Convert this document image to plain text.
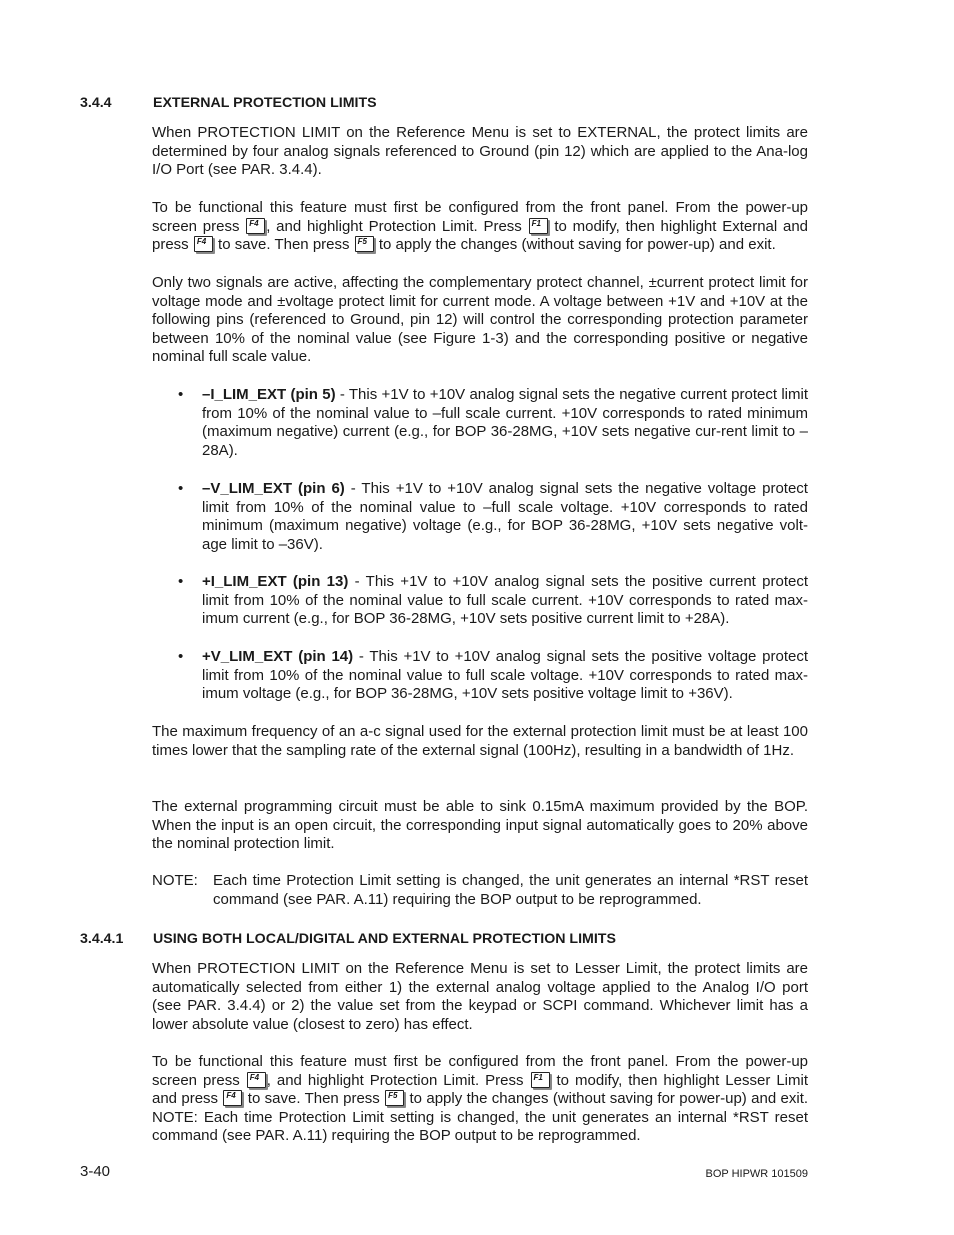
3.4.4	EXTERNAL PROTECTION LIMITS
When PROTECTION LIMIT on the Reference Menu is set to EXTERNAL, the protect limits are determined by four analog signals referenced to Ground (pin 12) which are applied to the Ana-log I/O Port (see PAR. 3.4.4).
To be functional this feature must first be configured from the front panel. From the power-up screen press F4 , and highlight Protection Limit. Press F1 to modify, then highlight External and press F4 to save. Then press F5 to apply the changes (without saving for power-up) and exit.
Only two signals are active, affecting the complementary protect channel, ±current protect limit for voltage mode and ±voltage protect limit for current mode. A voltage between +1V and +10V at the following pins (referenced to Ground, pin 12) will control the corresponding protection parameter between 10% of the nominal value (see Figure 1-3) and the corresponding positive or negative nominal full scale value.
• –I_LIM_EXT (pin 5) - This +1V to +10V analog signal sets the negative current protect limit from 10% of the nominal value to –full scale current. +10V corresponds to rated minimum (maximum negative) current (e.g., for BOP 36-28MG, +10V sets negative cur-rent limit to –28A).
• –V_LIM_EXT (pin 6) - This +1V to +10V analog signal sets the negative voltage protect limit from 10% of the nominal value to –full scale voltage. +10V corresponds to rated minimum (maximum negative) voltage (e.g., for BOP 36-28MG, +10V sets negative volt-age limit to –36V).
• +I_LIM_EXT (pin 13) - This +1V to +10V analog signal sets the positive current protect limit from 10% of the nominal value to full scale current. +10V corresponds to rated max-imum current (e.g., for BOP 36-28MG, +10V sets positive current limit to +28A).
• +V_LIM_EXT (pin 14) - This +1V to +10V analog signal sets the positive voltage protect limit from 10% of the nominal value to full scale voltage. +10V corresponds to rated max-imum voltage (e.g., for BOP 36-28MG, +10V sets positive voltage limit to +36V).
The maximum frequency of an a-c signal used for the external protection limit must be at least 100 times lower that the sampling rate of the external signal (100Hz), resulting in a bandwidth of 1Hz.
The external programming circuit must be able to sink 0.15mA maximum provided by the BOP. When the input is an open circuit, the corresponding input signal automatically goes to 20% above the nominal protection limit.
NOTE: Each time Protection Limit setting is changed, the unit generates an internal *RST reset command (see PAR. A.11) requiring the BOP output to be reprogrammed.
3.4.4.1 USING BOTH LOCAL/DIGITAL AND EXTERNAL PROTECTION LIMITS
When PROTECTION LIMIT on the Reference Menu is set to Lesser Limit, the protect limits are automatically selected from either 1) the external analog voltage applied to the Analog I/O port (see PAR. 3.4.4) or 2) the value set from the keypad or SCPI command. Whichever limit has a lower absolute value (closest to zero) has effect.
To be functional this feature must first be configured from the front panel. From the power-up screen press F4 , and highlight Protection Limit. Press F1 to modify, then highlight Lesser Limit and press F4 to save. Then press F5 to apply the changes (without saving for power-up) and exit. NOTE: Each time Protection Limit setting is changed, the unit generates an internal *RST reset command (see PAR. A.11) requiring the BOP output to be reprogrammed.
3-40	BOP HIPWR 101509
